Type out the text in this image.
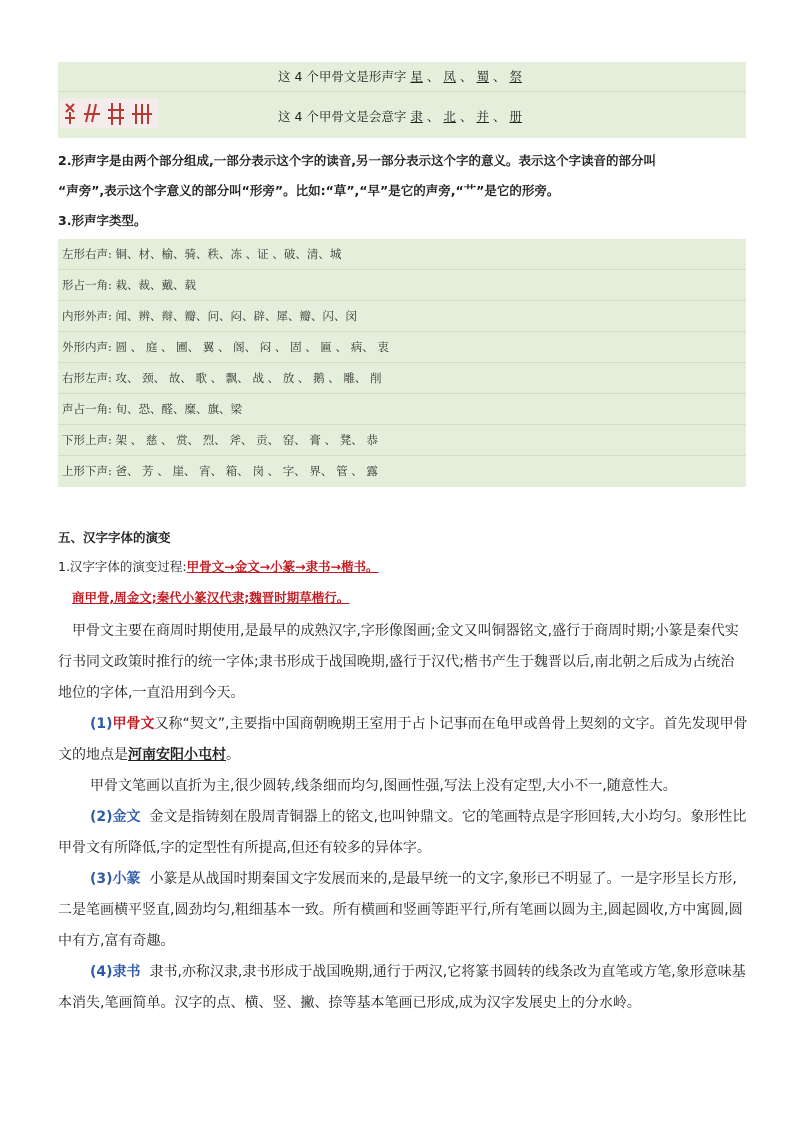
这 4 个甲骨文是形声字 星 、 凤 、 蜀 、 祭
这 4 个甲骨文是会意字 隶 、 北 、 并 、 册
2.形声字是由两个部分组成,一部分表示这个字的读音,另一部分表示这个字的意义。表示这个字读音的部分叫
“声旁”,表示这个字意义的部分叫“形旁”。比如:“草”,“早”是它的声旁,“艹”是它的形旁。
3.形声字类型。
左形右声: 铜、材、榆、骑、秩、冻 、证 、破、清、城
形占一角: 栽、裁、戴、载
内形外声: 闻、辨、辩、瓣、问、闷、辟、犀、瓣、闪、闵
外形内声: 圆 、 庭 、 圃、 翼 、 阁、 闷 、 固 、 匾 、 病、 衷
右形左声: 攻、 颈、 故、 歌 、 飘、 战 、 放 、 鹅 、 雕、 削
声占一角: 旬、恐、醛、糜、旗、梁
下形上声: 架 、 慈 、 赏、 烈、 斧、 贡、 窑、 膏 、 凳、 恭
上形下声: 爸、 芳 、 崖、 宵、 箱、 岗 、 字、 界、 管 、 露
五、汉字字体的演变
1.汉字字体的演变过程:甲骨文→金文→小篆→隶书→楷书。
商甲骨,周金文;秦代小篆汉代隶;魏晋时期草楷行。
甲骨文主要在商周时期使用,是最早的成熟汉字,字形像图画;金文又叫铜器铭文,盛行于商周时期;小篆是秦代实行书同文政策时推行的统一字体;隶书形成于战国晚期,盛行于汉代;楷书产生于魏晋以后,南北朝之后成为占统治地位的字体,一直沿用到今天。
(1)甲骨文又称“契文”,主要指中国商朝晚期王室用于占卜记事而在龟甲或兽骨上契刻的文字。首先发现甲骨文的地点是河南安阳小屯村。
甲骨文笔画以直折为主,很少圆转,线条细而均匀,图画性强,写法上没有定型,大小不一,随意性大。
(2)金文 金文是指铸刻在殷周青铜器上的铭文,也叫钟鼎文。它的笔画特点是字形回转,大小均匀。象形性比甲骨文有所降低,字的定型性有所提高,但还有较多的异体字。
(3)小篆 小篆是从战国时期秦国文字发展而来的,是最早统一的文字,象形已不明显了。一是字形呈长方形,二是笔画横平竖直,圆劲均匀,粗细基本一致。所有横画和竖画等距平行,所有笔画以圆为主,圆起圆收,方中寓圆,圆中有方,富有奇趣。
(4)隶书 隶书,亦称汉隶,隶书形成于战国晚期,通行于两汉,它将篆书圆转的线条改为直笔或方笔,象形意味基本消失,笔画简单。汉字的点、横、竖、撇、捺等基本笔画已形成,成为汉字发展史上的分水岭。
